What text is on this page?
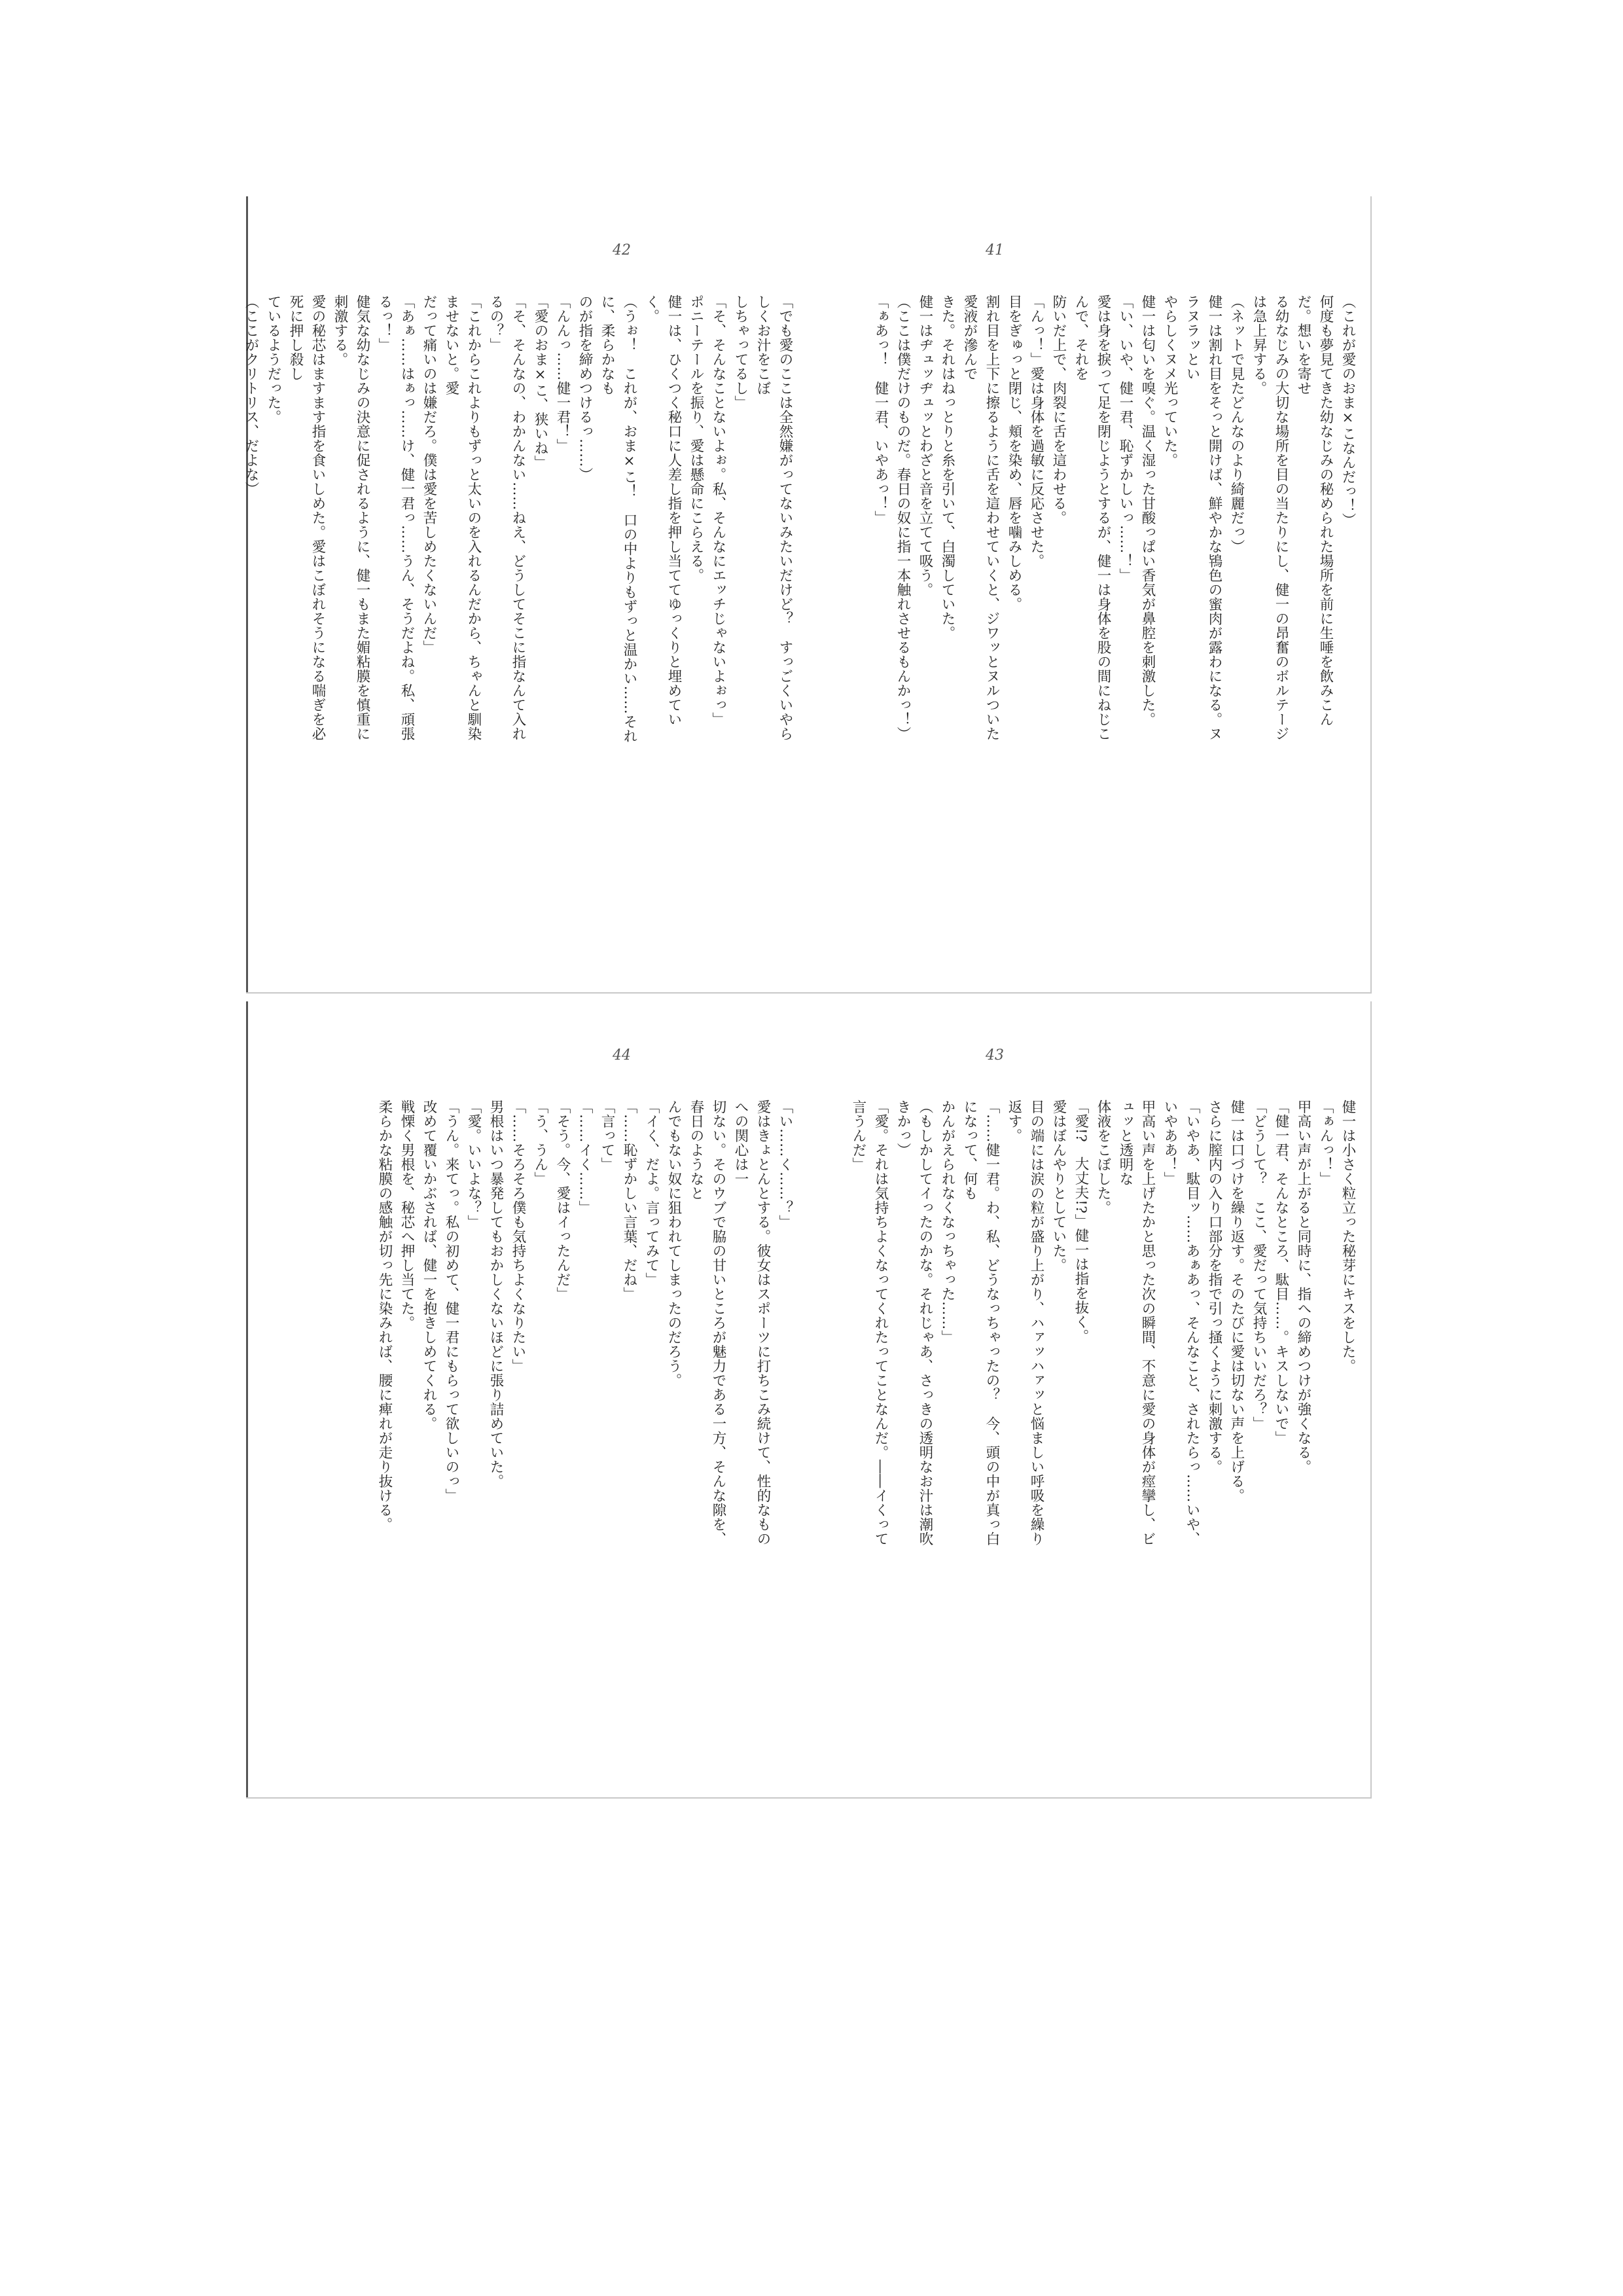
42

「でも愛のここは全然嫌がってないみたいだけど？　すっごくいやらしくお汁をこぼ

しちゃってるし」

「そ、そんなことないよぉ。私、そんなにエッチじゃないよぉっ」

ポニーテールを振り、愛は懸命にこらえる。

健一は、ひくつく秘口に人差し指を押し当ててゆっくりと埋めていく。

（うぉ！　これが、おま×こ！　口の中よりもずっと温かい……それに、柔らかなも

のが指を締めつけるっ……）

「んんっ……健一君！」

「愛のおま×こ、狭いね」

「そ、そんなの、わかんない……ねえ、どうしてそこに指なんて入れるの？」

「これからこれよりもずっと太いのを入れるんだから、ちゃんと馴染ませないと。愛

だって痛いのは嫌だろ。僕は愛を苦しめたくないんだ」

「あぁ……はぁっ……け、健一君っ……うん、そうだよね。私、頑張るっ！」

健気な幼なじみの決意に促されるように、健一もまた媚粘膜を慎重に刺激する。

愛の秘芯はますます指を食いしめた。愛はこぼれそうになる喘ぎを必死に押し殺し

ているようだった。

（ここがクリトリス、だよな）

41

（これが愛のおま×こなんだっ！）

何度も夢見てきた幼なじみの秘められた場所を前に生唾を飲みこんだ。想いを寄せ

る幼なじみの大切な場所を目の当たりにし、健一の昂奮のボルテージは急上昇する。

（ネットで見たどんなのより綺麗だっ）

健一は割れ目をそっと開けば、鮮やかな鴇色の蜜肉が露わになる。ヌラヌラッとい

やらしくヌメ光っていた。

健一は匂いを嗅ぐ。温く湿った甘酸っぱい香気が鼻腔を刺激した。

「い、いや、健一君、恥ずかしいっ……！」

愛は身を捩って足を閉じようとするが、健一は身体を股の間にねじこんで、それを

防いだ上で、肉裂に舌を這わせる。

「んっ！」愛は身体を過敏に反応させた。

目をぎゅっと閉じ、頬を染め、唇を噛みしめる。

割れ目を上下に擦るように舌を這わせていくと、ジワッとヌルついた愛液が滲んで

きた。それはねっとりと糸を引いて、白濁していた。

健一はヂュッヂュッとわざと音を立てて吸う。

（ここは僕だけのものだ。春日の奴に指一本触れさせるもんかっ！）

「ぁあっ！　健一君、いやあっ！」

44

「い……く……？」

愛はきょとんとする。彼女はスポーツに打ちこみ続けて、性的なものへの関心は一

切ない。そのウブで脇の甘いところが魅力である一方、そんな隙を、春日のようなと

んでもない奴に狙われてしまったのだろう。

「イく、だよ。言ってみて」

「……恥ずかしい言葉、だね」

「言って」

「……イく……」

「そう。今、愛はイったんだ」

「う、うん」

「……そろそろ僕も気持ちよくなりたい」

男根はいつ暴発してもおかしくないほどに張り詰めていた。

「愛。いいよな？」

「うん。来てっ。私の初めて、健一君にもらって欲しいのっ」

改めて覆いかぶされば、健一を抱きしめてくれる。

戦慄く男根を、秘芯へ押し当てた。

柔らかな粘膜の感触が切っ先に染みれば、腰に痺れが走り抜ける。

43

健一は小さく粒立った秘芽にキスをした。

「ぁんっ！」

甲高い声が上がると同時に、指への締めつけが強くなる。

「健一君、そんなところ、駄目……。キスしないで」

「どうして？　ここ、愛だって気持ちいいだろ？」

健一は口づけを繰り返す。そのたびに愛は切ない声を上げる。

さらに膣内の入り口部分を指で引っ掻くように刺激する。

「いやあ、駄目ッ……あぁあっ、そんなこと、されたらっ……いや、いやああ！」

甲高い声を上げたかと思った次の瞬間、不意に愛の身体が痙攣し、ビュッと透明な

体液をこぼした。

「愛!?　大丈夫!?」健一は指を抜く。

愛はぼんやりとしていた。

目の端には涙の粒が盛り上がり、ハァッハァッと悩ましい呼吸を繰り返す。

「……健一君。わ、私、どうなっちゃったの？　今、頭の中が真っ白になって、何も

かんがえられなくなっちゃった……」

（もしかしてイったのかな。それじゃあ、さっきの透明なお汁は潮吹きかっ）

「愛。それは気持ちよくなってくれたってことなんだ。――イくって言うんだ」
